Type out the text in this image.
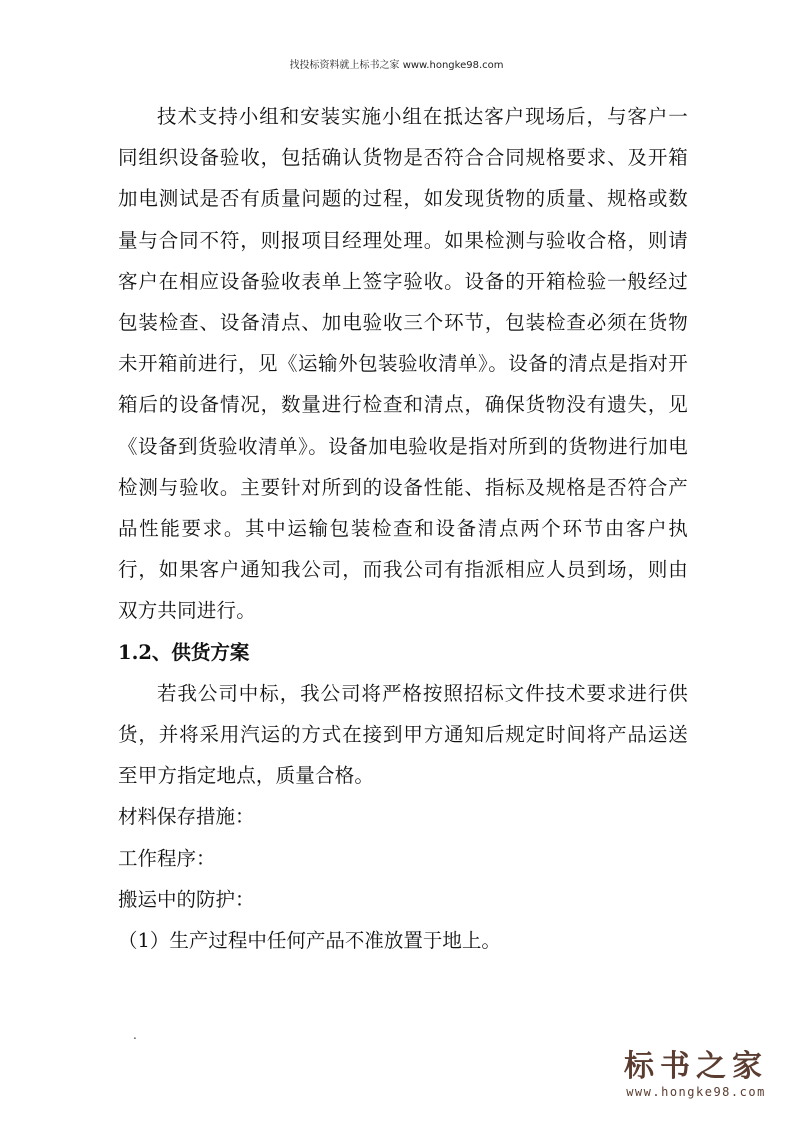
找投标资料就上标书之家 www.hongke98.com

技术支持小组和安装实施小组在抵达客户现场后，与客户一同组织设备验收，包括确认货物是否符合合同规格要求、及开箱加电测试是否有质量问题的过程，如发现货物的质量、规格或数量与合同不符，则报项目经理处理。如果检测与验收合格，则请客户在相应设备验收表单上签字验收。设备的开箱检验一般经过包装检查、设备清点、加电验收三个环节，包装检查必须在货物未开箱前进行，见《运输外包装验收清单》。设备的清点是指对开箱后的设备情况，数量进行检查和清点，确保货物没有遗失，见《设备到货验收清单》。设备加电验收是指对所到的货物进行加电检测与验收。主要针对所到的设备性能、指标及规格是否符合产品性能要求。其中运输包装检查和设备清点两个环节由客户执行，如果客户通知我公司，而我公司有指派相应人员到场，则由双方共同进行。

1.2、供货方案

若我公司中标，我公司将严格按照招标文件技术要求进行供货，并将采用汽运的方式在接到甲方通知后规定时间将产品运送至甲方指定地点，质量合格。

材料保存措施：

工作程序：

搬运中的防护：

（1）生产过程中任何产品不准放置于地上。

.
标书之家
www.hongke98.com
